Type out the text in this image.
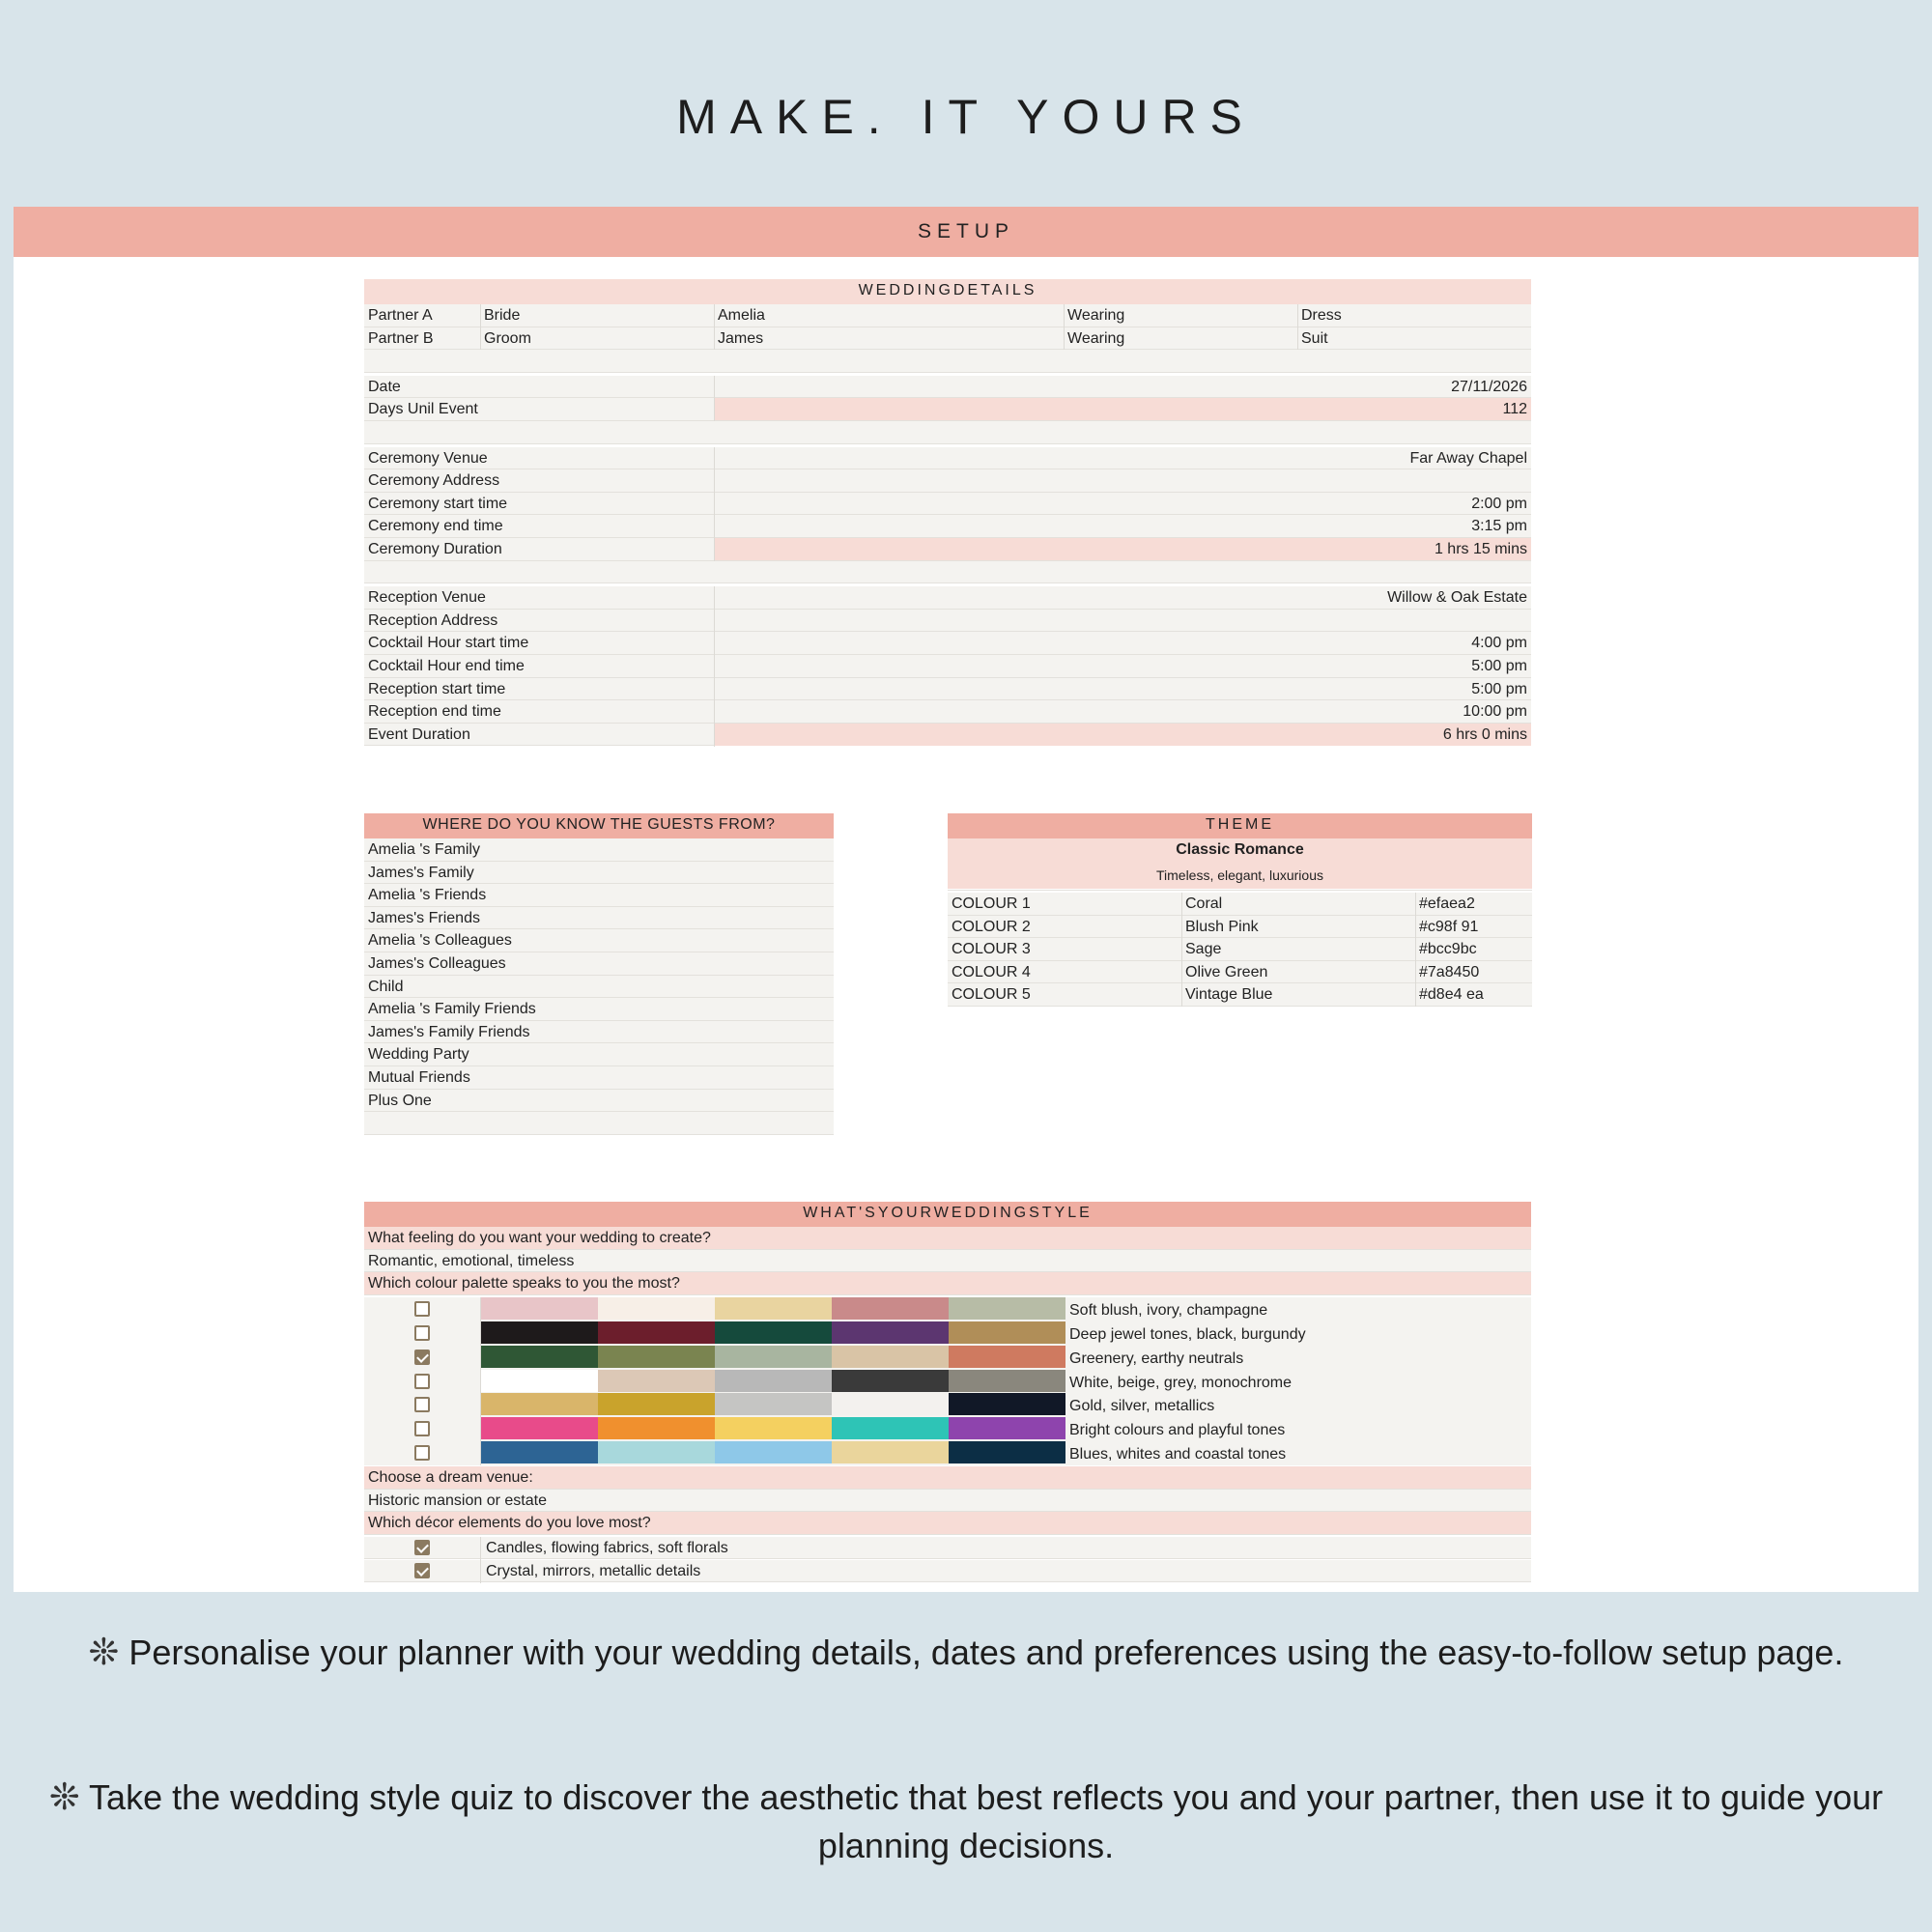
MAKE. IT YOURS
SETUP
WEDDINGDETAILS
Partner A	Bride	Amelia	Wearing	Dress
Partner B	Groom	James	Wearing	Suit
Date	27/11/2026
Days Unil Event	112
Ceremony Venue	Far Away Chapel
Ceremony Address
Ceremony start time	2:00 pm
Ceremony end time	3:15 pm
Ceremony Duration	1 hrs 15 mins
Reception Venue	Willow & Oak Estate
Reception Address
Cocktail Hour start time	4:00 pm
Cocktail Hour end time	5:00 pm
Reception start time	5:00 pm
Reception end time	10:00 pm
Event Duration	6 hrs 0 mins
WHERE DO YOU KNOW THE GUESTS FROM?
Amelia 's Family
James's Family
Amelia 's Friends
James's Friends
Amelia 's Colleagues
James's Colleagues
Child
Amelia 's Family Friends
James's Family Friends
Wedding Party
Mutual Friends
Plus One
THEME
Classic Romance
Timeless, elegant, luxurious
COLOUR 1	Coral	#efaea2
COLOUR 2	Blush Pink	#c98f 91
COLOUR 3	Sage	#bcc9bc
COLOUR 4	Olive Green	#7a8450
COLOUR 5	Vintage Blue	#d8e4 ea
WHAT'SYOURWEDDINGSTYLE
What feeling do you want your wedding to create?
Romantic, emotional, timeless
Which colour palette speaks to you the most?
Soft blush, ivory, champagne
Deep jewel tones, black, burgundy
Greenery, earthy neutrals
White, beige, grey, monochrome
Gold, silver, metallics
Bright colours and playful tones
Blues, whites and coastal tones
Choose a dream venue:
Historic mansion or estate
Which décor elements do you love most?
Candles, flowing fabrics, soft florals
Crystal, mirrors, metallic details
❊ Personalise your planner with your wedding details, dates and preferences using the easy-to-follow setup page.
❊ Take the wedding style quiz to discover the aesthetic that best reflects you and your partner, then use it to guide your planning decisions.
